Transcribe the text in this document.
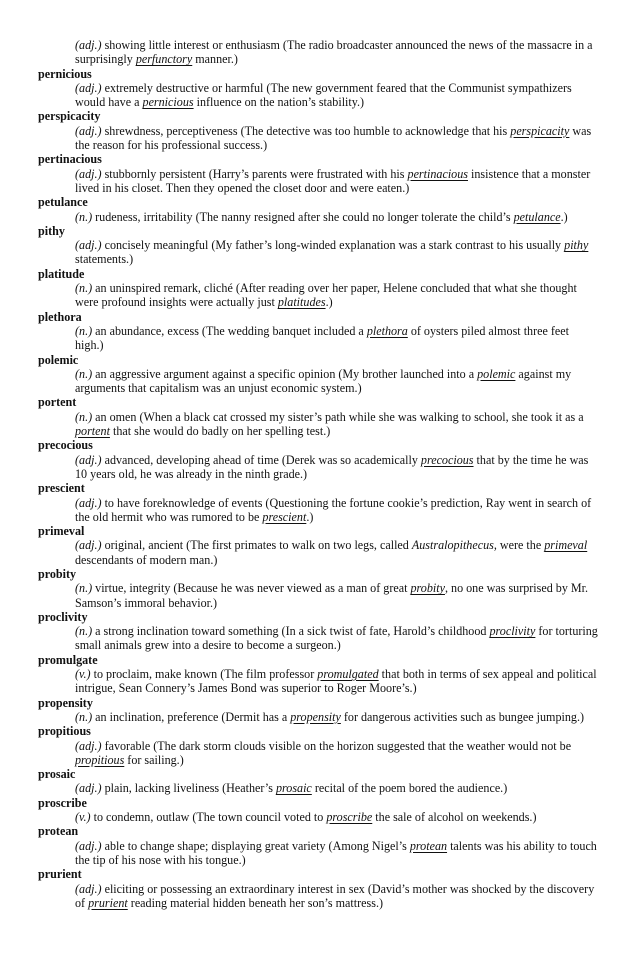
(adj.) showing little interest or enthusiasm (The radio broadcaster announced the news of the massacre in a surprisingly perfunctory manner.)
pernicious
(adj.) extremely destructive or harmful (The new government feared that the Communist sympathizers would have a pernicious influence on the nation’s stability.)
perspicacity
(adj.) shrewdness, perceptiveness (The detective was too humble to acknowledge that his perspicacity was the reason for his professional success.)
pertinacious
(adj.) stubbornly persistent (Harry’s parents were frustrated with his pertinacious insistence that a monster lived in his closet. Then they opened the closet door and were eaten.)
petulance
(n.) rudeness, irritability (The nanny resigned after she could no longer tolerate the child’s petulance.)
pithy
(adj.) concisely meaningful (My father’s long-winded explanation was a stark contrast to his usually pithy statements.)
platitude
(n.) an uninspired remark, cliché (After reading over her paper, Helene concluded that what she thought were profound insights were actually just platitudes.)
plethora
(n.) an abundance, excess (The wedding banquet included a plethora of oysters piled almost three feet high.)
polemic
(n.) an aggressive argument against a specific opinion (My brother launched into a polemic against my arguments that capitalism was an unjust economic system.)
portent
(n.) an omen (When a black cat crossed my sister’s path while she was walking to school, she took it as a portent that she would do badly on her spelling test.)
precocious
(adj.) advanced, developing ahead of time (Derek was so academically precocious that by the time he was 10 years old, he was already in the ninth grade.)
prescient
(adj.) to have foreknowledge of events (Questioning the fortune cookie’s prediction, Ray went in search of the old hermit who was rumored to be prescient.)
primeval
(adj.) original, ancient (The first primates to walk on two legs, called Australopithecus, were the primeval descendants of modern man.)
probity
(n.) virtue, integrity (Because he was never viewed as a man of great probity, no one was surprised by Mr. Samson’s immoral behavior.)
proclivity
(n.) a strong inclination toward something (In a sick twist of fate, Harold’s childhood proclivity for torturing small animals grew into a desire to become a surgeon.)
promulgate
(v.) to proclaim, make known (The film professor promulgated that both in terms of sex appeal and political intrigue, Sean Connery’s James Bond was superior to Roger Moore’s.)
propensity
(n.) an inclination, preference (Dermit has a propensity for dangerous activities such as bungee jumping.)
propitious
(adj.) favorable (The dark storm clouds visible on the horizon suggested that the weather would not be propitious for sailing.)
prosaic
(adj.) plain, lacking liveliness (Heather’s prosaic recital of the poem bored the audience.)
proscribe
(v.) to condemn, outlaw (The town council voted to proscribe the sale of alcohol on weekends.)
protean
(adj.) able to change shape; displaying great variety (Among Nigel’s protean talents was his ability to touch the tip of his nose with his tongue.)
prurient
(adj.) eliciting or possessing an extraordinary interest in sex (David’s mother was shocked by the discovery of prurient reading material hidden beneath her son’s mattress.)
